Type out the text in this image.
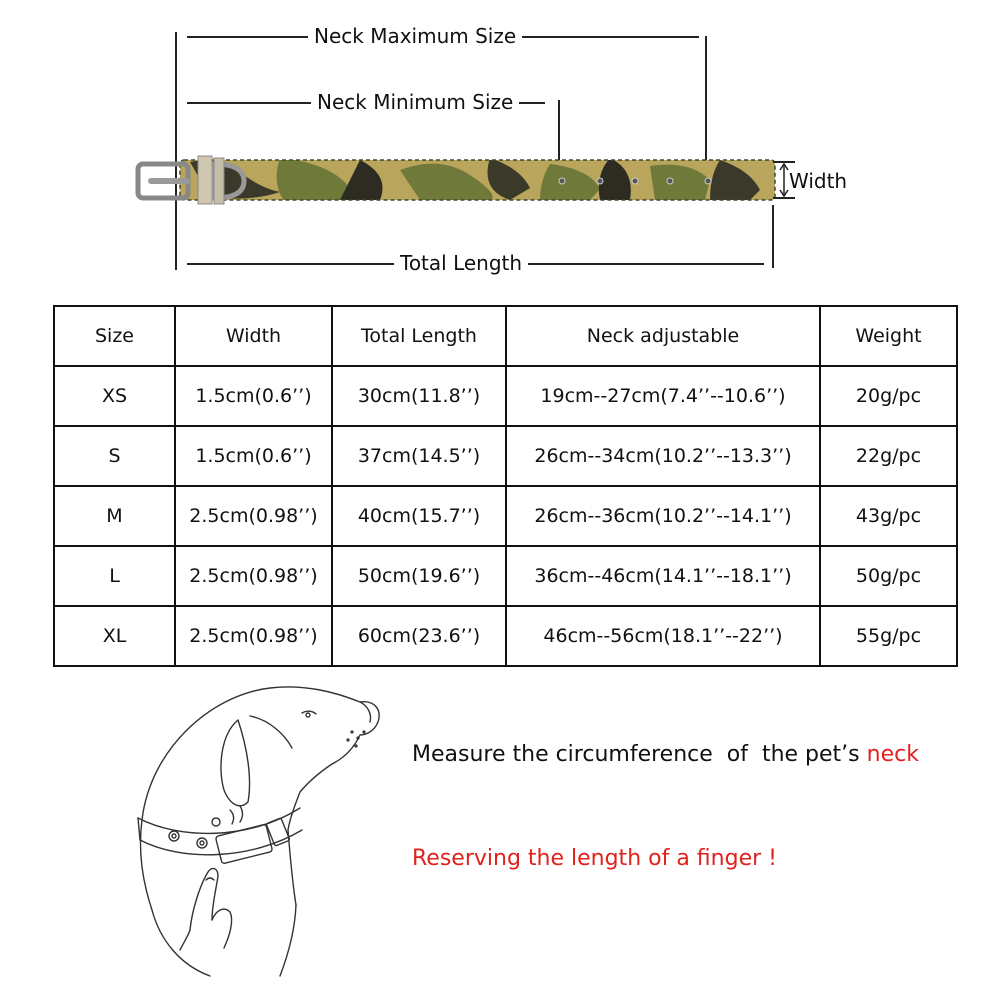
Neck Maximum Size
Neck Minimum Size
Width
Total Length
Size	Width	Total Length	Neck adjustable	Weight
XS	1.5cm(0.6’’)	30cm(11.8’’)	19cm--27cm(7.4’’--10.6’’)	20g/pc
S	1.5cm(0.6’’)	37cm(14.5’’)	26cm--34cm(10.2’’--13.3’’)	22g/pc
M	2.5cm(0.98’’)	40cm(15.7’’)	26cm--36cm(10.2’’--14.1’’)	43g/pc
L	2.5cm(0.98’’)	50cm(19.6’’)	36cm--46cm(14.1’’--18.1’’)	50g/pc
XL	2.5cm(0.98’’)	60cm(23.6’’)	46cm--56cm(18.1’’--22’’)	55g/pc
Measure the circumference  of  the pet’s neck
Reserving the length of a finger !
